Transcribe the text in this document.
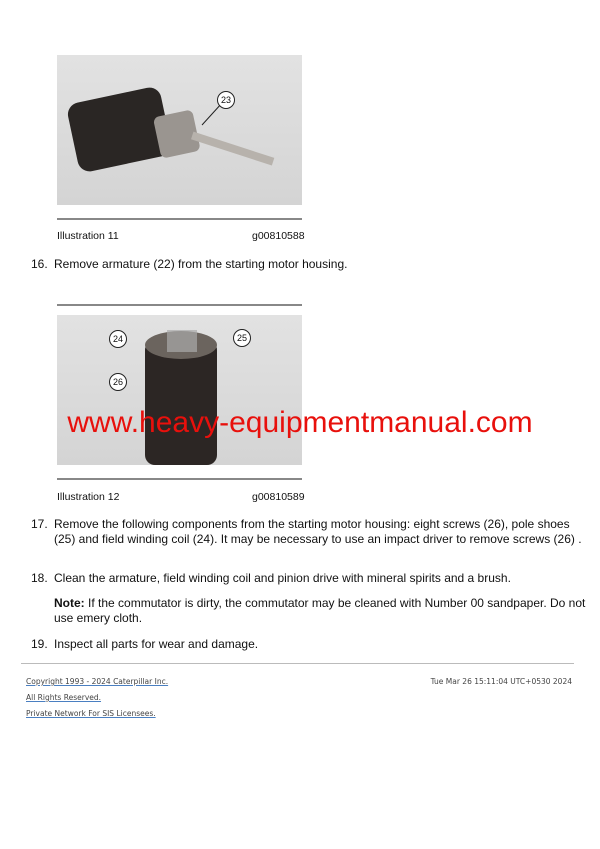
23
Illustration 11	g00810588
16. Remove armature (22) from the starting motor housing.
24	25
26
Illustration 12	g00810589
www.heavy-equipmentmanual.com
17. Remove the following components from the starting motor housing: eight screws (26), pole shoes (25) and field winding coil (24). It may be necessary to use an impact driver to remove screws (26) .
18. Clean the armature, field winding coil and pinion drive with mineral spirits and a brush.
Note: If the commutator is dirty, the commutator may be cleaned with Number 00 sandpaper. Do not use emery cloth.
19. Inspect all parts for wear and damage.
Copyright 1993 - 2024 Caterpillar Inc.
All Rights Reserved.
Private Network For SIS Licensees.
Tue Mar 26 15:11:04 UTC+0530 2024
